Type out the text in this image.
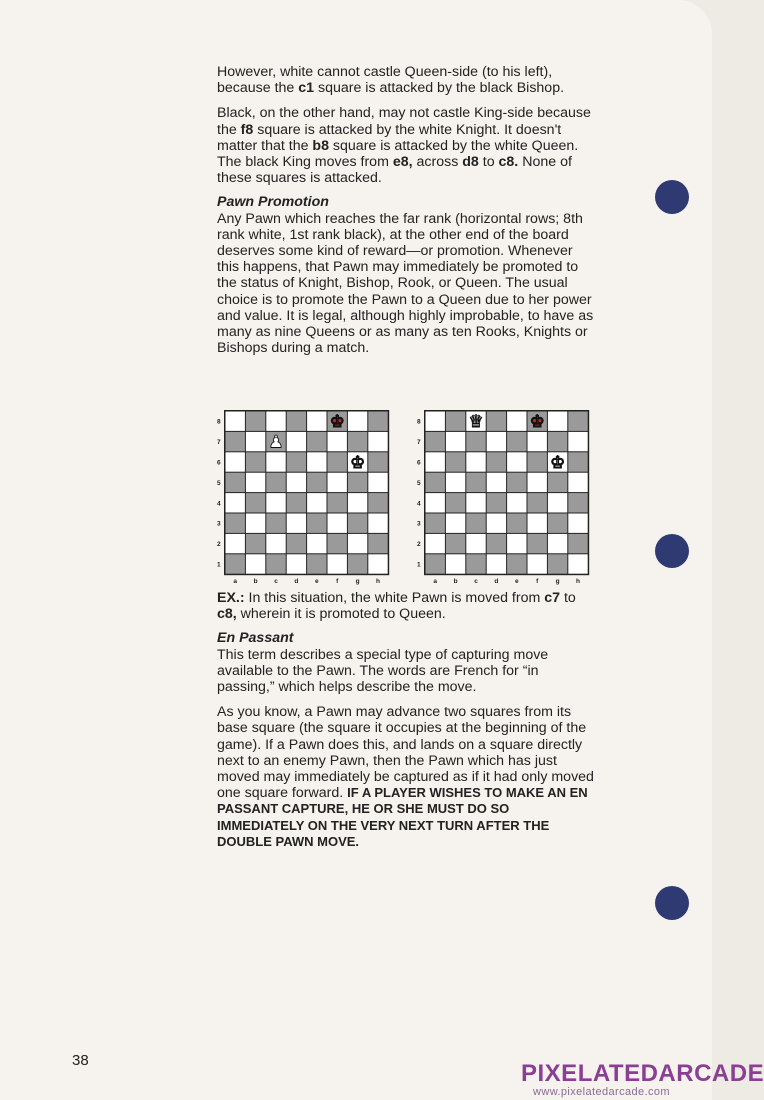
However, white cannot castle Queen-side (to his left), because the c1 square is attacked by the black Bishop.

Black, on the other hand, may not castle King-side because the f8 square is attacked by the white Knight. It doesn't matter that the b8 square is attacked by the white Queen. The black King moves from e8, across d8 to c8. None of these squares is attacked.

Pawn Promotion

Any Pawn which reaches the far rank (horizontal rows; 8th rank white, 1st rank black), at the other end of the board deserves some kind of reward—or promotion. Whenever this happens, that Pawn may immediately be promoted to the status of Knight, Bishop, Rook, or Queen. The usual choice is to promote the Pawn to a Queen due to her power and value. It is legal, although highly improbable, to have as many as nine Queens or as many as ten Rooks, Knights or Bishops during a match.

8
7
6
5
4
3
2
1
a	b	c	d	e	f	g	h
♚
♟
♚
8
7
6
5
4
3
2
1
a	b	c	d	e	f	g	h
♛	♚
♚

EX.: In this situation, the white Pawn is moved from c7 to c8, wherein it is promoted to Queen.

En Passant

This term describes a special type of capturing move available to the Pawn. The words are French for “in passing,” which helps describe the move.

As you know, a Pawn may advance two squares from its base square (the square it occupies at the beginning of the game). If a Pawn does this, and lands on a square directly next to an enemy Pawn, then the Pawn which has just moved may immediately be captured as if it had only moved one square forward. IF A PLAYER WISHES TO MAKE AN EN PASSANT CAPTURE, HE OR SHE MUST DO SO IMMEDIATELY ON THE VERY NEXT TURN AFTER THE DOUBLE PAWN MOVE.

38	PIXELATEDARCADE
www.pixelatedarcade.com
